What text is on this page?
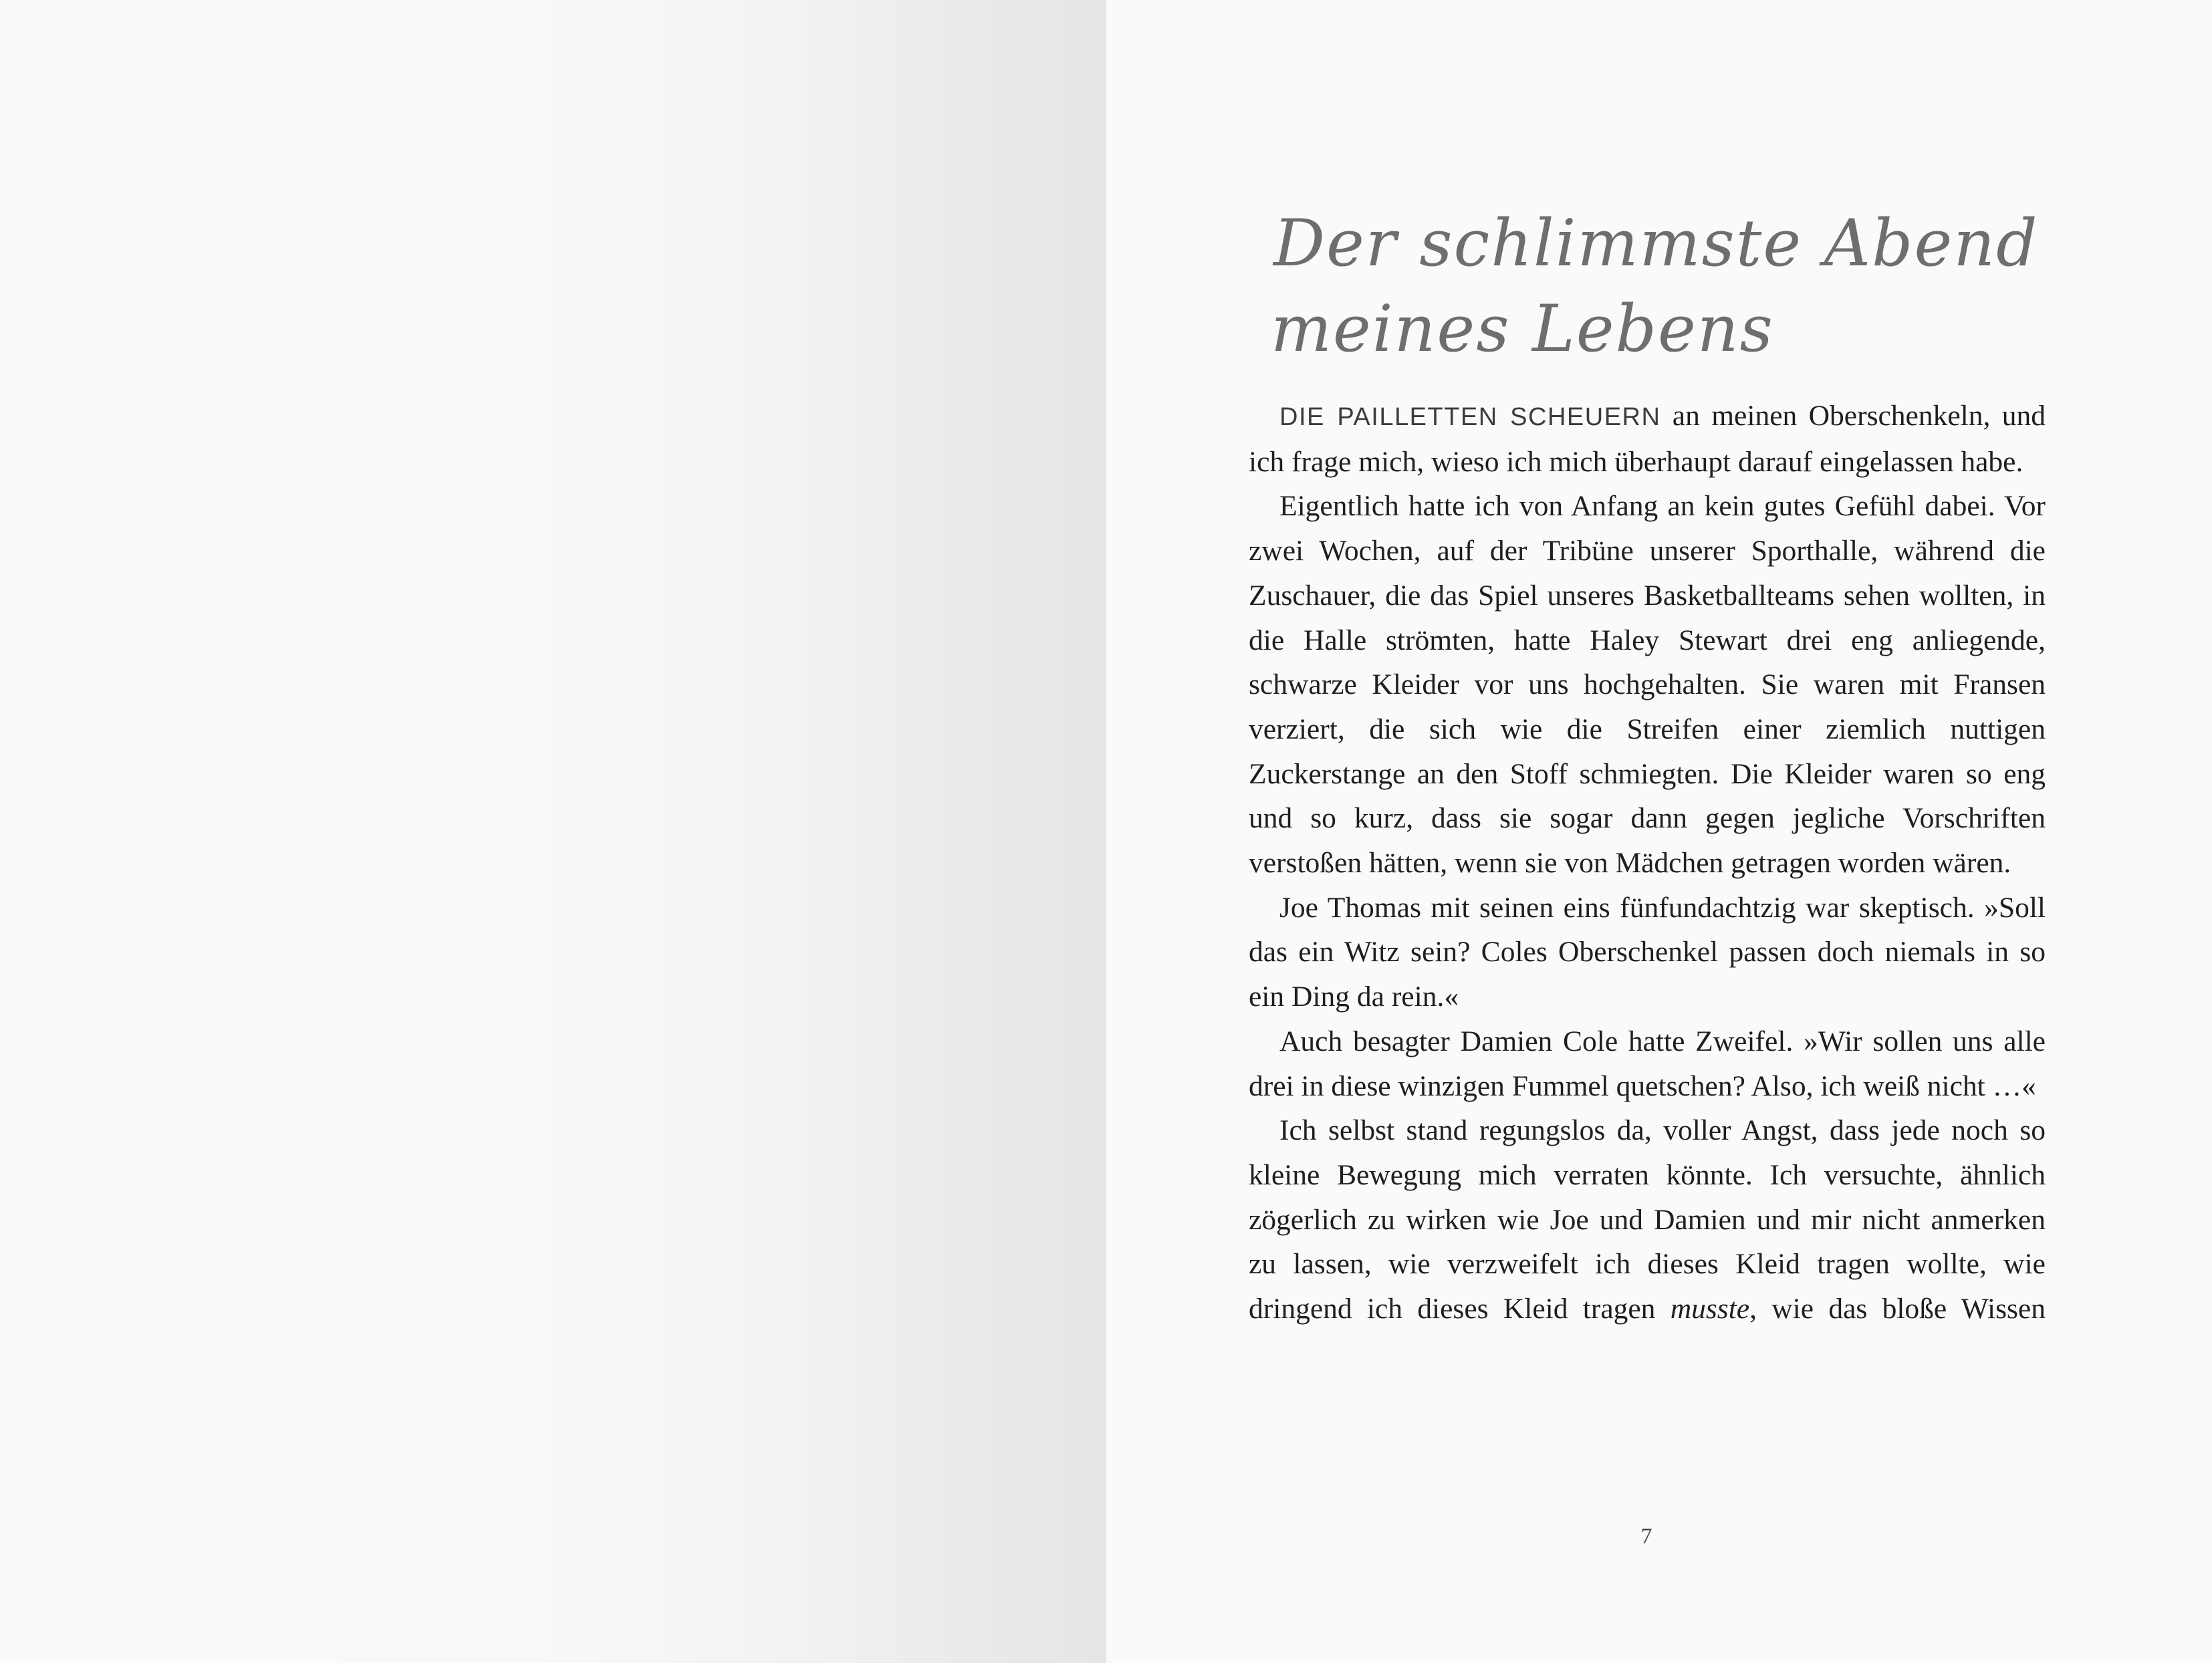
Der schlimmste Abend
meines Lebens

DIE PAILLETTEN SCHEUERN an meinen Oberschenkeln, und ich frage mich, wieso ich mich überhaupt darauf eingelassen habe.

Eigentlich hatte ich von Anfang an kein gutes Gefühl dabei. Vor zwei Wochen, auf der Tribüne unserer Sporthalle, während die Zuschauer, die das Spiel unseres Basketballteams sehen wollten, in die Halle strömten, hatte Haley Stewart drei eng anliegende, schwarze Kleider vor uns hochgehalten. Sie waren mit Fransen verziert, die sich wie die Streifen einer ziemlich nuttigen Zuckerstange an den Stoff schmiegten. Die Kleider waren so eng und so kurz, dass sie sogar dann gegen jegliche Vorschriften verstoßen hätten, wenn sie von Mädchen getragen worden wären.

Joe Thomas mit seinen eins fünfundachtzig war skeptisch. »Soll das ein Witz sein? Coles Oberschenkel passen doch niemals in so ein Ding da rein.«

Auch besagter Damien Cole hatte Zweifel. »Wir sollen uns alle drei in diese winzigen Fummel quetschen? Also, ich weiß nicht …«

Ich selbst stand regungslos da, voller Angst, dass jede noch so kleine Bewegung mich verraten könnte. Ich versuchte, ähnlich zögerlich zu wirken wie Joe und Damien und mir nicht anmerken zu lassen, wie verzweifelt ich dieses Kleid tragen wollte, wie dringend ich dieses Kleid tragen musste, wie das bloße Wissen

7
